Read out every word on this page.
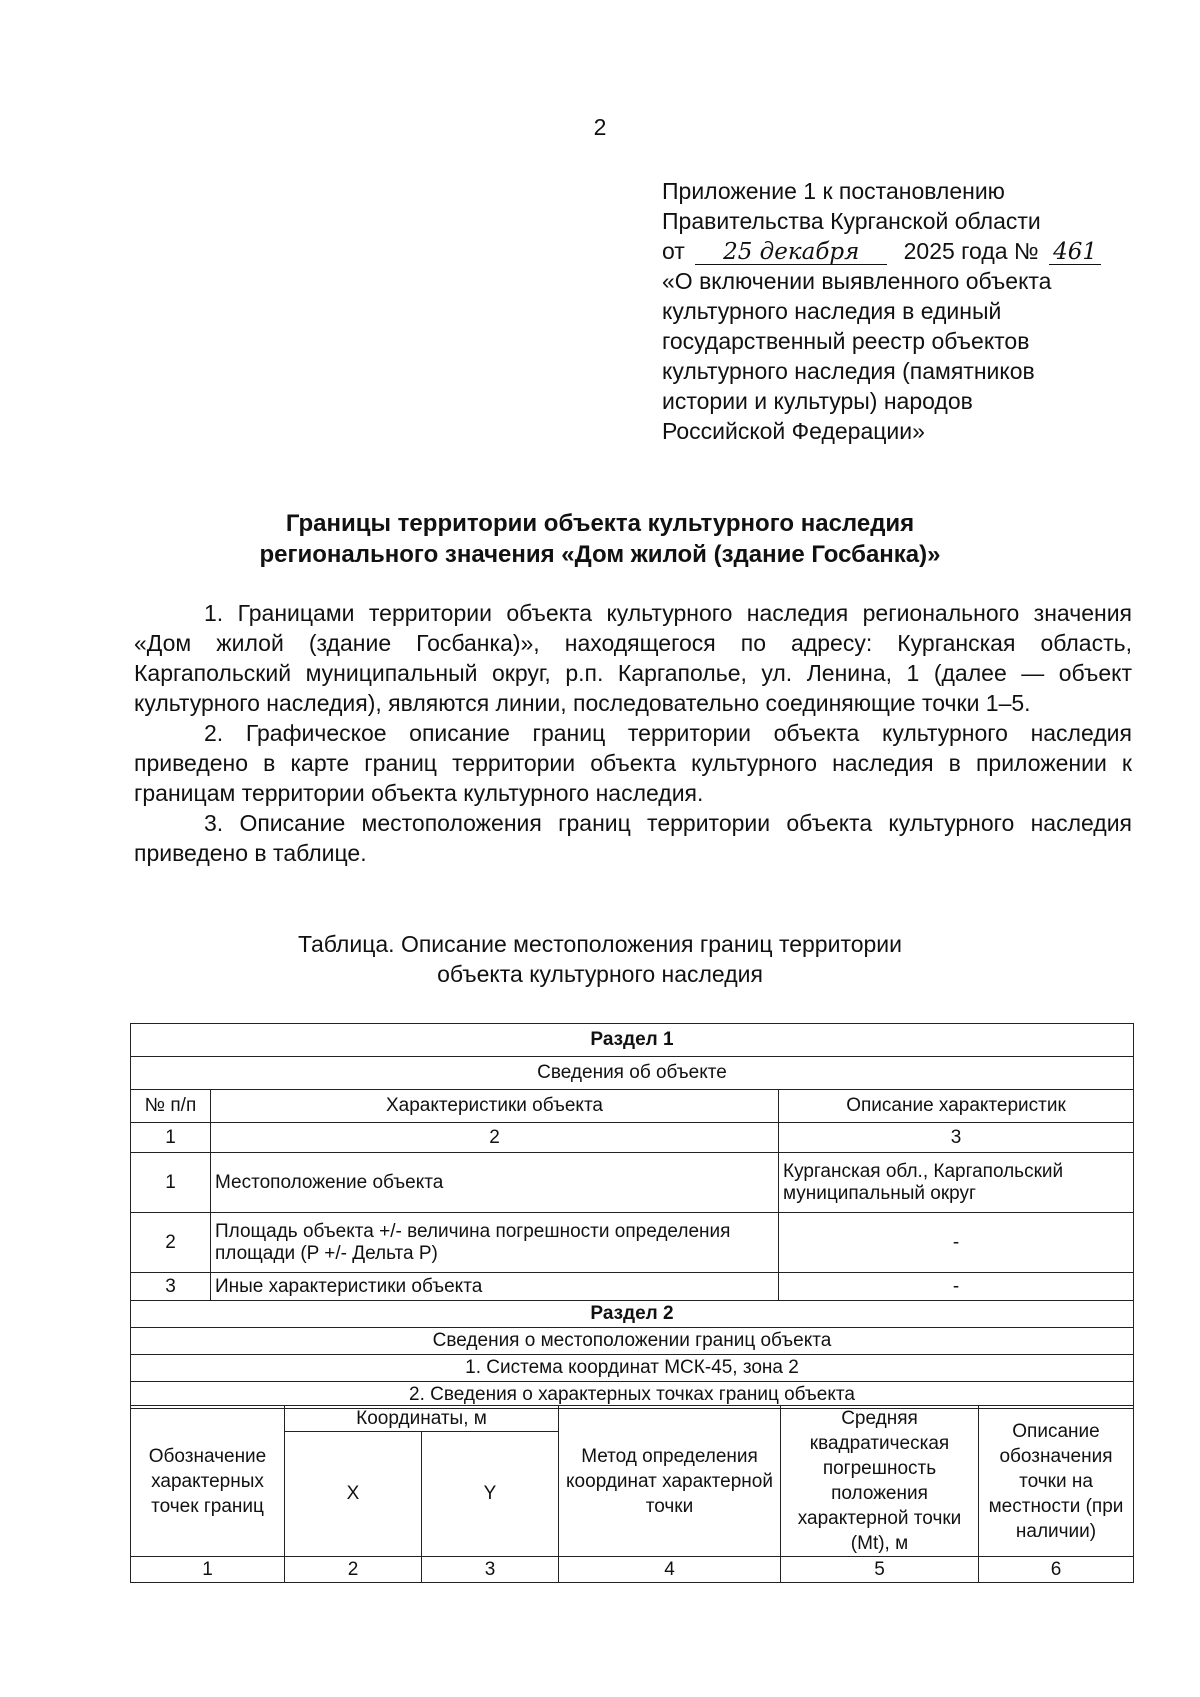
2
Приложение 1 к постановлению
Правительства Курганской области
от 25 декабря 2025 года № 461
«О включении выявленного объекта
культурного наследия в единый
государственный реестр объектов
культурного наследия (памятников
истории и культуры) народов
Российской Федерации»
Границы территории объекта культурного наследия
регионального значения «Дом жилой (здание Госбанка)»

1. Границами территории объекта культурного наследия регионального значения «Дом жилой (здание Госбанка)», находящегося по адресу: Курганская область, Каргапольский муниципальный округ, р.п. Каргаполье, ул. Ленина, 1 (далее — объект культурного наследия), являются линии, последовательно соединяющие точки 1–5.

2. Графическое описание границ территории объекта культурного наследия приведено в карте границ территории объекта культурного наследия в приложении к границам территории объекта культурного наследия.

3. Описание местоположения границ территории объекта культурного наследия приведено в таблице.

Таблица. Описание местоположения границ территории
объекта культурного наследия
Раздел 1		
Сведения об объекте		
№ п/п	Характеристики объекта	Описание характеристик
1	2	3
1	Местоположение объекта	Курганская обл., Каргапольский муниципальный округ
2	Площадь объекта +/- величина погрешности определения площади (P +/- Дельта P)	-
3	Иные характеристики объекта	-
Раздел 2		
Сведения о местоположении границ объекта		
1. Система координат МСК-45, зона 2		
2. Сведения о характерных точках границ объекта		
Обозначение характерных точек границ	Координаты, м		Метод определения координат характерной точки	Средняя квадратическая погрешность положения характерной точки (Mt), м	Описание обозначения точки на местности (при наличии)
	X	Y			
1	2	3	4	5	6
